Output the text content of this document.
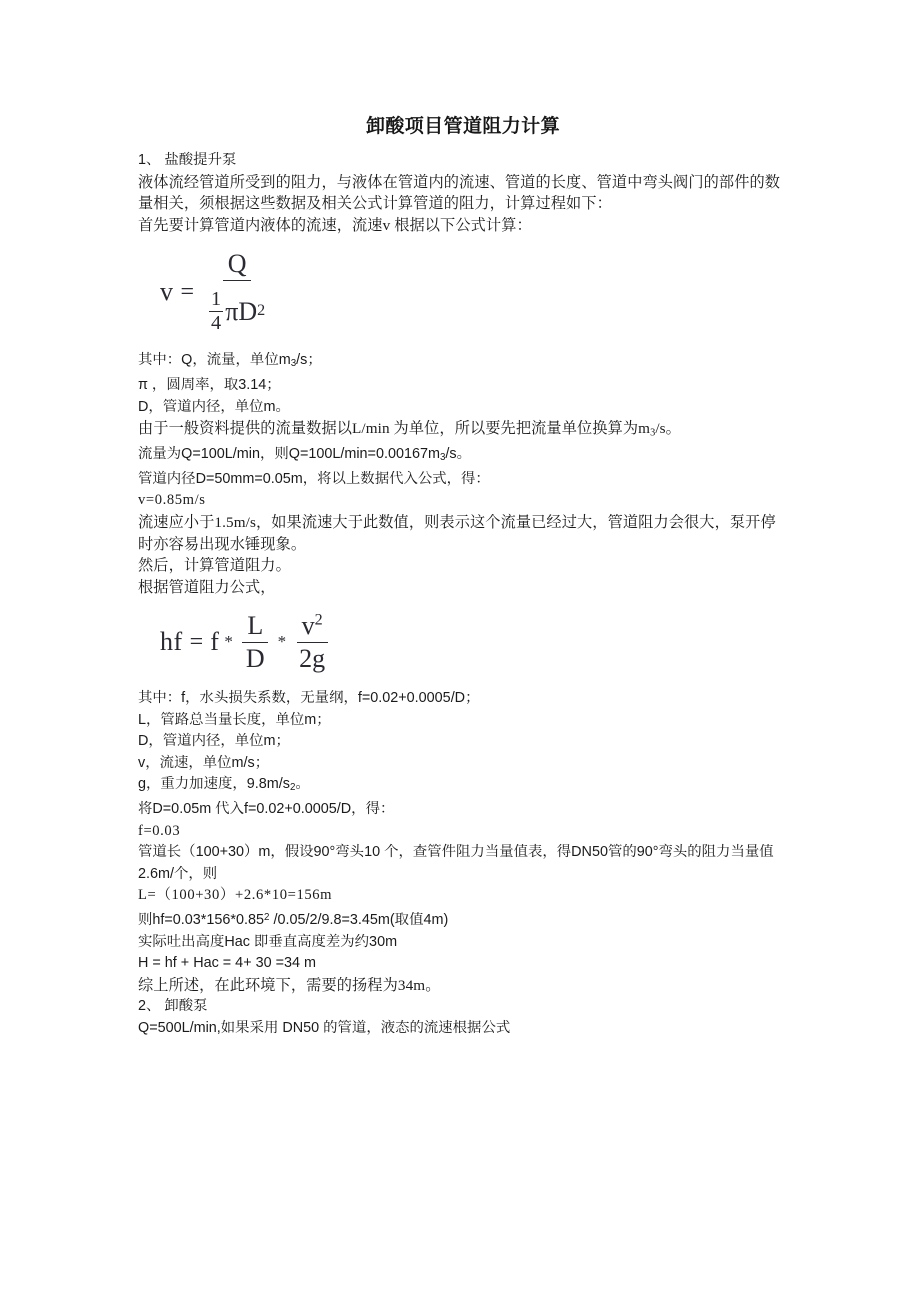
卸酸项目管道阻力计算
1、 盐酸提升泵
液体流经管道所受到的阻力，与液体在管道内的流速、管道的长度、管道中弯头阀门的部件的数量相关，须根据这些数据及相关公式计算管道的阻力，计算过程如下：
首先要计算管道内液体的流速，流速v 根据以下公式计算：
$v = \frac{Q}{\frac{1}{4} \pi D 2}$
其中：Q，流量，单位$m_3/s$；
π ，圆周率，取3.14；
D，管道内径，单位m。
由于一般资料提供的流量数据以L/min 为单位，所以要先把流量单位换算为$m_3/s$。
流量为Q=100L/min，则$Q=100L/\min=0.00167m_3/s$。
管道内径D=50mm=0.05m，将以上数据代入公式，得：
v=0.85m/s
流速应小于1.5m/s，如果流速大于此数值，则表示这个流量已经过大，管道阻力会很大，泵开停时亦容易出现水锤现象。
然后，计算管道阻力。
根据管道阻力公式，
hf = f * $\frac{L}{D} * \frac{v^2}{2g}$
其中：f，水头损失系数，无量纲，f=0.02+0.0005/D；
L，管路总当量长度，单位m；
D，管道内径，单位m；
v，流速，单位m/s；
g，重力加速度，$9.8m/s_2$。
将D=0.05m 代入f=0.02+0.0005/D，得：
f=0.03
管道长（100+30）m，假设90°弯头10 个，查管件阻力当量值表，得DN50管的90°弯头的阻力当量值2.6m/个，则
L=（100+30）+2.6*10=156m
则$hf=0.03*156*0.85^2$ /0.05/2/9.8=3.45m(取值4m)
实际吐出高度Hac 即垂直高度差为约30m
H = hf + Hac = 4+ 30 =34 m
综上所述，在此环境下，需要的扬程为34m。
2、 卸酸泵
Q=500L/min,如果采用 DN50 的管道，液态的流速根据公式
